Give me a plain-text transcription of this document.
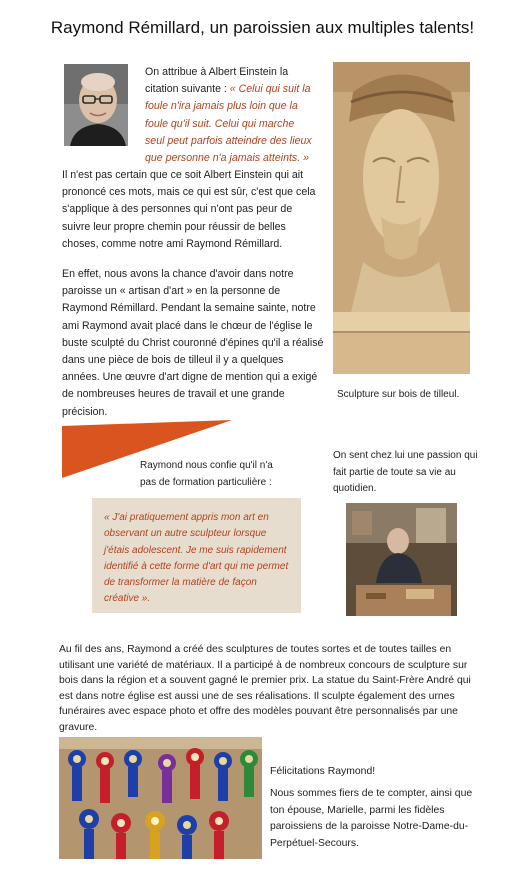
Raymond Rémillard, un paroissien aux multiples talents!
On attribue à Albert Einstein la citation suivante : « Celui qui suit la foule n'ira jamais plus loin que la foule qu'il suit. Celui qui marche seul peut parfois atteindre des lieux que personne n'a jamais atteints. »
Il n'est pas certain que ce soit Albert Einstein qui ait prononcé ces mots, mais ce qui est sûr, c'est que cela s'applique à des personnes qui n'ont pas peur de suivre leur propre chemin pour réussir de belles choses, comme notre ami Raymond Rémillard.
Sculpture sur bois de tilleul.
En effet, nous avons la chance d'avoir dans notre paroisse un « artisan d'art » en la personne de Raymond Rémillard. Pendant la semaine sainte, notre ami Raymond avait placé dans le chœur de l'église le buste sculpté du Christ couronné d'épines qu'il a réalisé dans une pièce de bois de tilleul il y a quelques années. Une œuvre d'art digne de mention qui a exigé de nombreuses heures de travail et une grande précision.
Raymond nous confie qu'il n'a pas de formation particulière :
On sent chez lui une passion qui fait partie de toute sa vie au quotidien.
« J'ai pratiquement appris mon art en observant un autre sculpteur lorsque j'étais adolescent. Je me suis rapidement identifié à cette forme d'art qui me permet de transformer la matière de façon créative ».
Au fil des ans, Raymond a créé des sculptures de toutes sortes et de toutes tailles en utilisant une variété de matériaux. Il a participé à de nombreux concours de sculpture sur bois dans la région et a souvent gagné le premier prix. La statue du Saint-Frère André qui est dans notre église est aussi une de ses réalisations. Il sculpte également des urnes funéraires avec espace photo et offre des modèles pouvant être personnalisés par une gravure.
Félicitations Raymond!
Nous sommes fiers de te compter, ainsi que ton épouse, Marielle, parmi les fidèles paroissiens de la paroisse Notre-Dame-du-Perpétuel-Secours.
